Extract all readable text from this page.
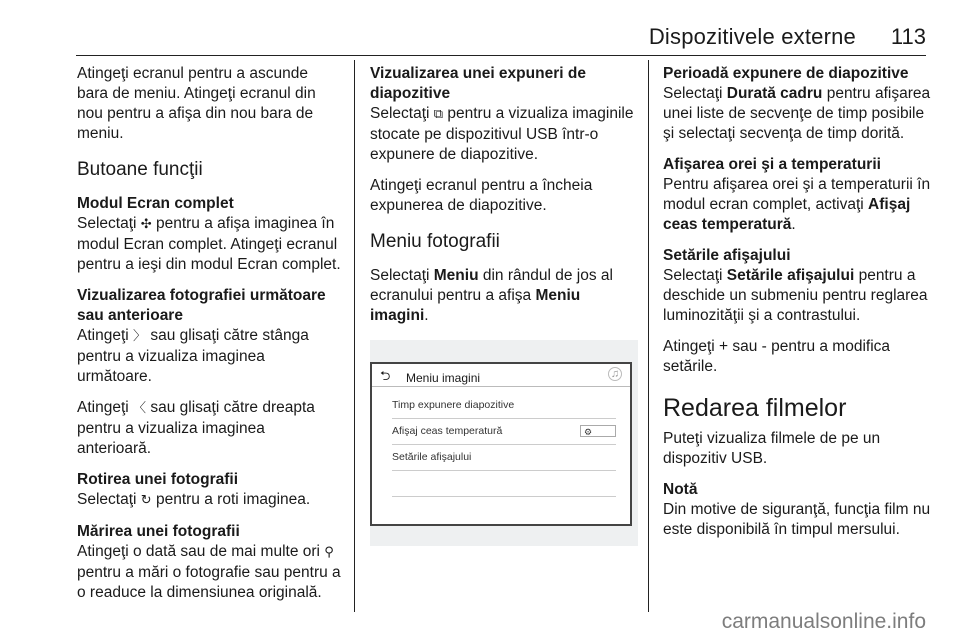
Dispozitivele externe 113

Atingeţi ecranul pentru a ascunde bara de meniu. Atingeţi ecranul din nou pentru a afişa din nou bara de meniu.

Butoane funcţii

Modul Ecran complet
Selectaţi ✣ pentru a afişa imaginea în modul Ecran complet. Atingeţi ecranul pentru a ieşi din modul Ecran complet.

Vizualizarea fotografiei următoare sau anterioare
Atingeţi 〉 sau glisaţi către stânga pentru a vizualiza imaginea următoare.

Atingeţi 〈 sau glisaţi către dreapta pentru a vizualiza imaginea anterioară.

Rotirea unei fotografii
Selectaţi ↻ pentru a roti imaginea.

Mărirea unei fotografii
Atingeţi o dată sau de mai multe ori ⚲ pentru a mări o fotografie sau pentru a o readuce la dimensiunea originală.

Vizualizarea unei expuneri de diapozitive
Selectaţi ⧉ pentru a vizualiza imaginile stocate pe dispozitivul USB într-o expunere de diapozitive.

Atingeţi ecranul pentru a încheia expunerea de diapozitive.

Meniu fotografii

Selectaţi Meniu din rândul de jos al ecranului pentru a afişa Meniu imagini.

⮌ Meniu imagini	♫
Timp expunere diapozitive
Afişaj ceas temperatură	⚙
Setările afişajului

Perioadă expunere de diapozitive
Selectaţi Durată cadru pentru afişarea unei liste de secvenţe de timp posibile şi selectaţi secvenţa de timp dorită.

Afişarea orei şi a temperaturii
Pentru afişarea orei şi a temperaturii în modul ecran complet, activaţi Afişaj ceas temperatură.

Setările afişajului
Selectaţi Setările afişajului pentru a deschide un submeniu pentru reglarea luminozităţii şi a contrastului.

Atingeţi + sau - pentru a modifica setările.

Redarea filmelor

Puteţi vizualiza filmele de pe un dispozitiv USB.

Notă
Din motive de siguranţă, funcţia film nu este disponibilă în timpul mersului.

carmanualsonline.info
